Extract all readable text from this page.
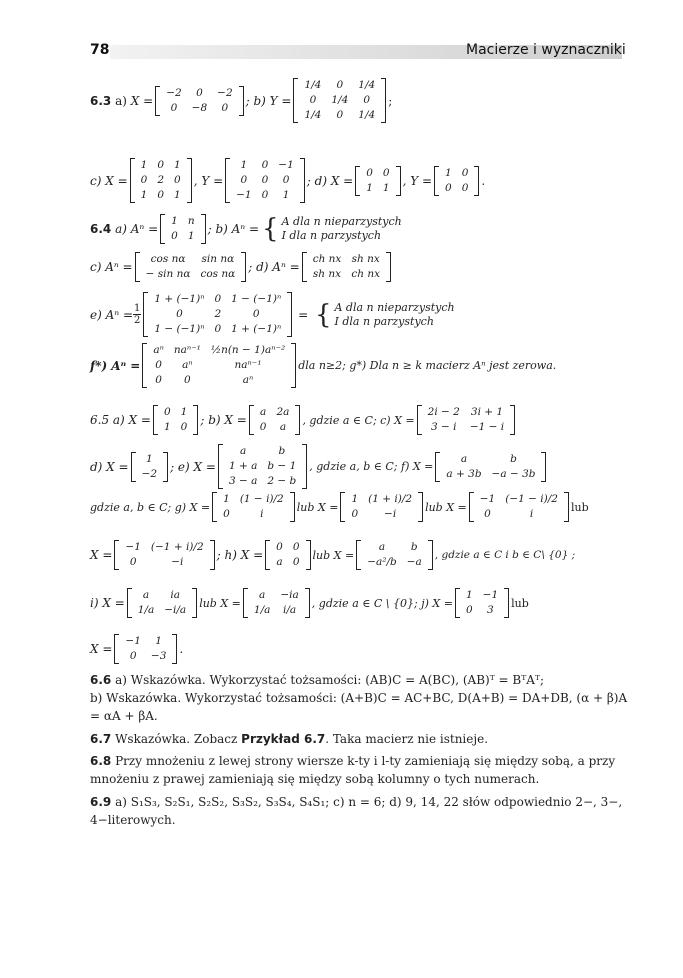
78	Macierze i wyznaczniki
6.3
a)
X =
−2	0	−2
0	−8	0 ; b) Y =
1/4	0	1/4
0	1/4	0
1/4	0	1/4
;
c) X =
1	0	1
0	2	0
1	0	1
, Y =
1	0	−1
0	0	0
−1	0	1
; d) X =
0	0
1	1 , Y =
1	0
0	0 .
6.4
a) Aⁿ =
1	n
0	1 ; b) Aⁿ = { A dla n nieparzystych
I dla n parzystych
c) Aⁿ =
cos nα	sin nα
− sin nα	cos nα ; d) Aⁿ =
ch nx	sh nx
sh nx	ch nx
e) $A^n = \frac{1}{2}$
1 + (−1)ⁿ	0	1 − (−1)ⁿ
0	2	0
1 − (−1)ⁿ	0	1 + (−1)ⁿ
= { A dla n nieparzystych
I dla n parzystych
f*) Aⁿ =
aⁿ	naⁿ⁻¹	½n(n − 1)aⁿ⁻²
0	aⁿ	naⁿ⁻¹
0	0	aⁿ
dla n≥2; g*) Dla n ≥ k macierz Aⁿ jest zerowa.
6.5 a) X =
0	1
1	0 ; b) X =
a	2a
0	a
, gdzie a ∈ C; c) X =
2i − 2	3i + 1
3 − i	−1 − i
d) X =
1
−2 ; e) X =
a	b
1 + a	b − 1
3 − a	2 − b
, gdzie a, b ∈ C; f) X =
a	b
a + 3b	−a − 3b
gdzie a, b ∈ C; g) X =
1	(1 − i)/2
0	i
lub X =
1	(1 + i)/2
0	−i
lub X =
−1	(−1 − i)/2
0	i
lub
X =
−1	(−1 + i)/2
0	−i	; h) X =
0	0
a	0
lub X =
a	b
−a²/b	−a
, gdzie a ∈ C i b ∈ C\ {0} ;
i) X =
a	ia
1/a	−i/a
lub X =
a	−ia
1/a	i/a
, gdzie a ∈ C \ {0}; j) X =
1	−1
0	3
lub
X =
−1	1
0	−3 .
6.6 a) Wskazówka. Wykorzystać tożsamości: (AB)C = A(BC), (AB)ᵀ = BᵀAᵀ;
b) Wskazówka. Wykorzystać tożsamości: (A+B)C = AC+BC, D(A+B) = DA+DB, (α + β)A = αA + βA.
6.7 Wskazówka. Zobacz Przykład 6.7. Taka macierz nie istnieje.
6.8 Przy mnożeniu z lewej strony wiersze k-ty i l-ty zamieniają się między sobą, a przy mnożeniu z prawej zamieniają się między sobą kolumny o tych numerach.
6.9 a) S₁S₃, S₂S₁, S₂S₂, S₃S₂, S₃S₄, S₄S₁; c) n = 6; d) 9, 14, 22 słów odpowiednio 2−, 3−, 4−literowych.
